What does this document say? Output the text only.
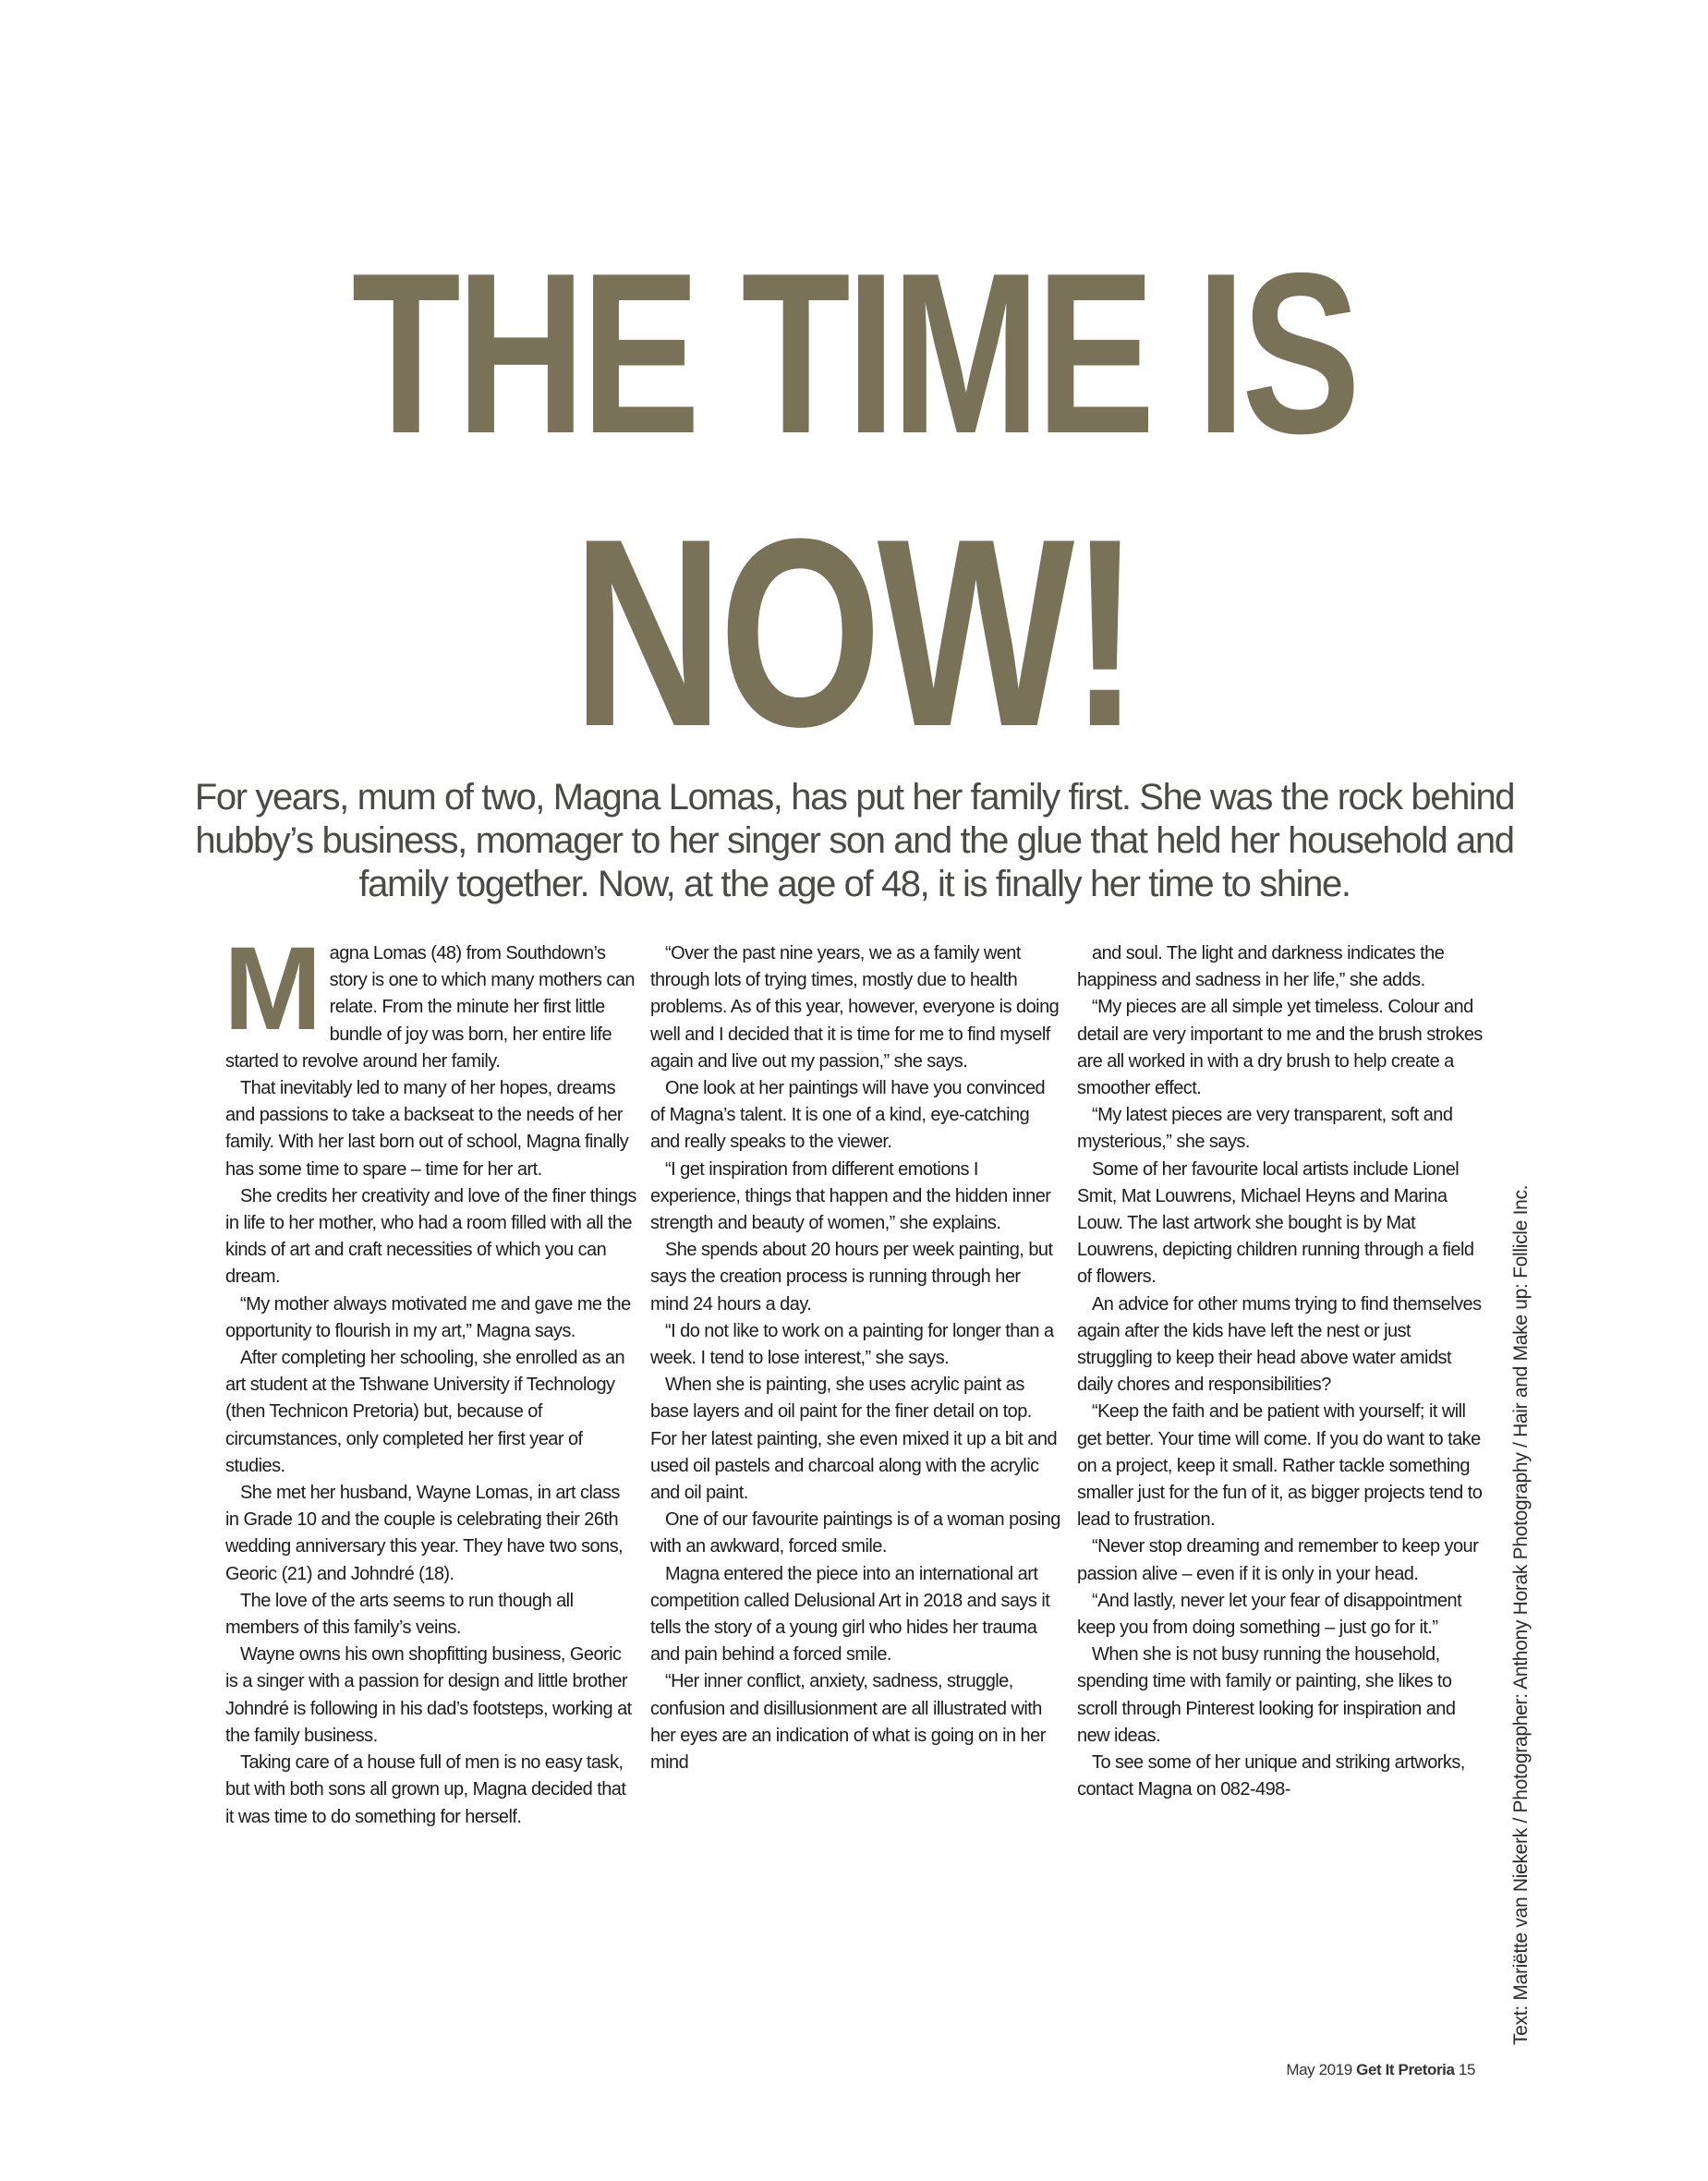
THE TIME IS
NOW!

For years, mum of two, Magna Lomas, has put her family first. She was the rock behind hubby’s business, momager to her singer son and the glue that held her household and family together. Now, at the age of 48, it is finally her time to shine.

M agna Lomas (48) from Southdown’s story is one to which many mothers can relate. From the minute her first little bundle of joy was born, her entire life started to revolve around her family.

That inevitably led to many of her hopes, dreams and passions to take a backseat to the needs of her family. With her last born out of school, Magna finally has some time to spare – time for her art.

She credits her creativity and love of the finer things in life to her mother, who had a room filled with all the kinds of art and craft necessities of which you can dream.

“My mother always motivated me and gave me the opportunity to flourish in my art,” Magna says.

After completing her schooling, she enrolled as an art student at the Tshwane University if Technology (then Technicon Pretoria) but, because of circumstances, only completed her first year of studies.

She met her husband, Wayne Lomas, in art class in Grade 10 and the couple is celebrating their 26th wedding anniversary this year. They have two sons, Georic (21) and Johndré (18).

The love of the arts seems to run though all members of this family’s veins.

Wayne owns his own shopfitting business, Georic is a singer with a passion for design and little brother Johndré is following in his dad’s footsteps, working at the family business.

Taking care of a house full of men is no easy task, but with both sons all grown up, Magna decided that it was time to do something for herself.

“Over the past nine years, we as a family went through lots of trying times, mostly due to health problems. As of this year, however, everyone is doing well and I decided that it is time for me to find myself again and live out my passion,” she says.

One look at her paintings will have you convinced of Magna’s talent. It is one of a kind, eye-catching and really speaks to the viewer.

“I get inspiration from different emotions I experience, things that happen and the hidden inner strength and beauty of women,” she explains.

She spends about 20 hours per week painting, but says the creation process is running through her mind 24 hours a day.

“I do not like to work on a painting for longer than a week. I tend to lose interest,” she says.

When she is painting, she uses acrylic paint as base layers and oil paint for the finer detail on top. For her latest painting, she even mixed it up a bit and used oil pastels and charcoal along with the acrylic and oil paint.

One of our favourite paintings is of a woman posing with an awkward, forced smile.

Magna entered the piece into an international art competition called Delusional Art in 2018 and says it tells the story of a young girl who hides her trauma and pain behind a forced smile.

“Her inner conflict, anxiety, sadness, struggle, confusion and disillusionment are all illustrated with her eyes are an indication of what is going on in her mind

and soul. The light and darkness indicates the happiness and sadness in her life,” she adds.

“My pieces are all simple yet timeless. Colour and detail are very important to me and the brush strokes are all worked in with a dry brush to help create a smoother effect.

“My latest pieces are very transparent, soft and mysterious,” she says.

Some of her favourite local artists include Lionel Smit, Mat Louwrens, Michael Heyns and Marina Louw. The last artwork she bought is by Mat Louwrens, depicting children running through a field of flowers.

An advice for other mums trying to find themselves again after the kids have left the nest or just struggling to keep their head above water amidst daily chores and responsibilities?

“Keep the faith and be patient with yourself; it will get better. Your time will come. If you do want to take on a project, keep it small. Rather tackle something smaller just for the fun of it, as bigger projects tend to lead to frustration.

“Never stop dreaming and remember to keep your passion alive – even if it is only in your head.

“And lastly, never let your fear of disappointment keep you from doing something – just go for it.”

When she is not busy running the household, spending time with family or painting, she likes to scroll through Pinterest looking for inspiration and new ideas.

To see some of her unique and striking artworks, contact Magna on 082-498-	Text: Mariëtte van Niekerk / Photographer: Anthony Horak Photography / Hair and Make up: Follicle Inc.
May 2019 Get It Pretoria 15
